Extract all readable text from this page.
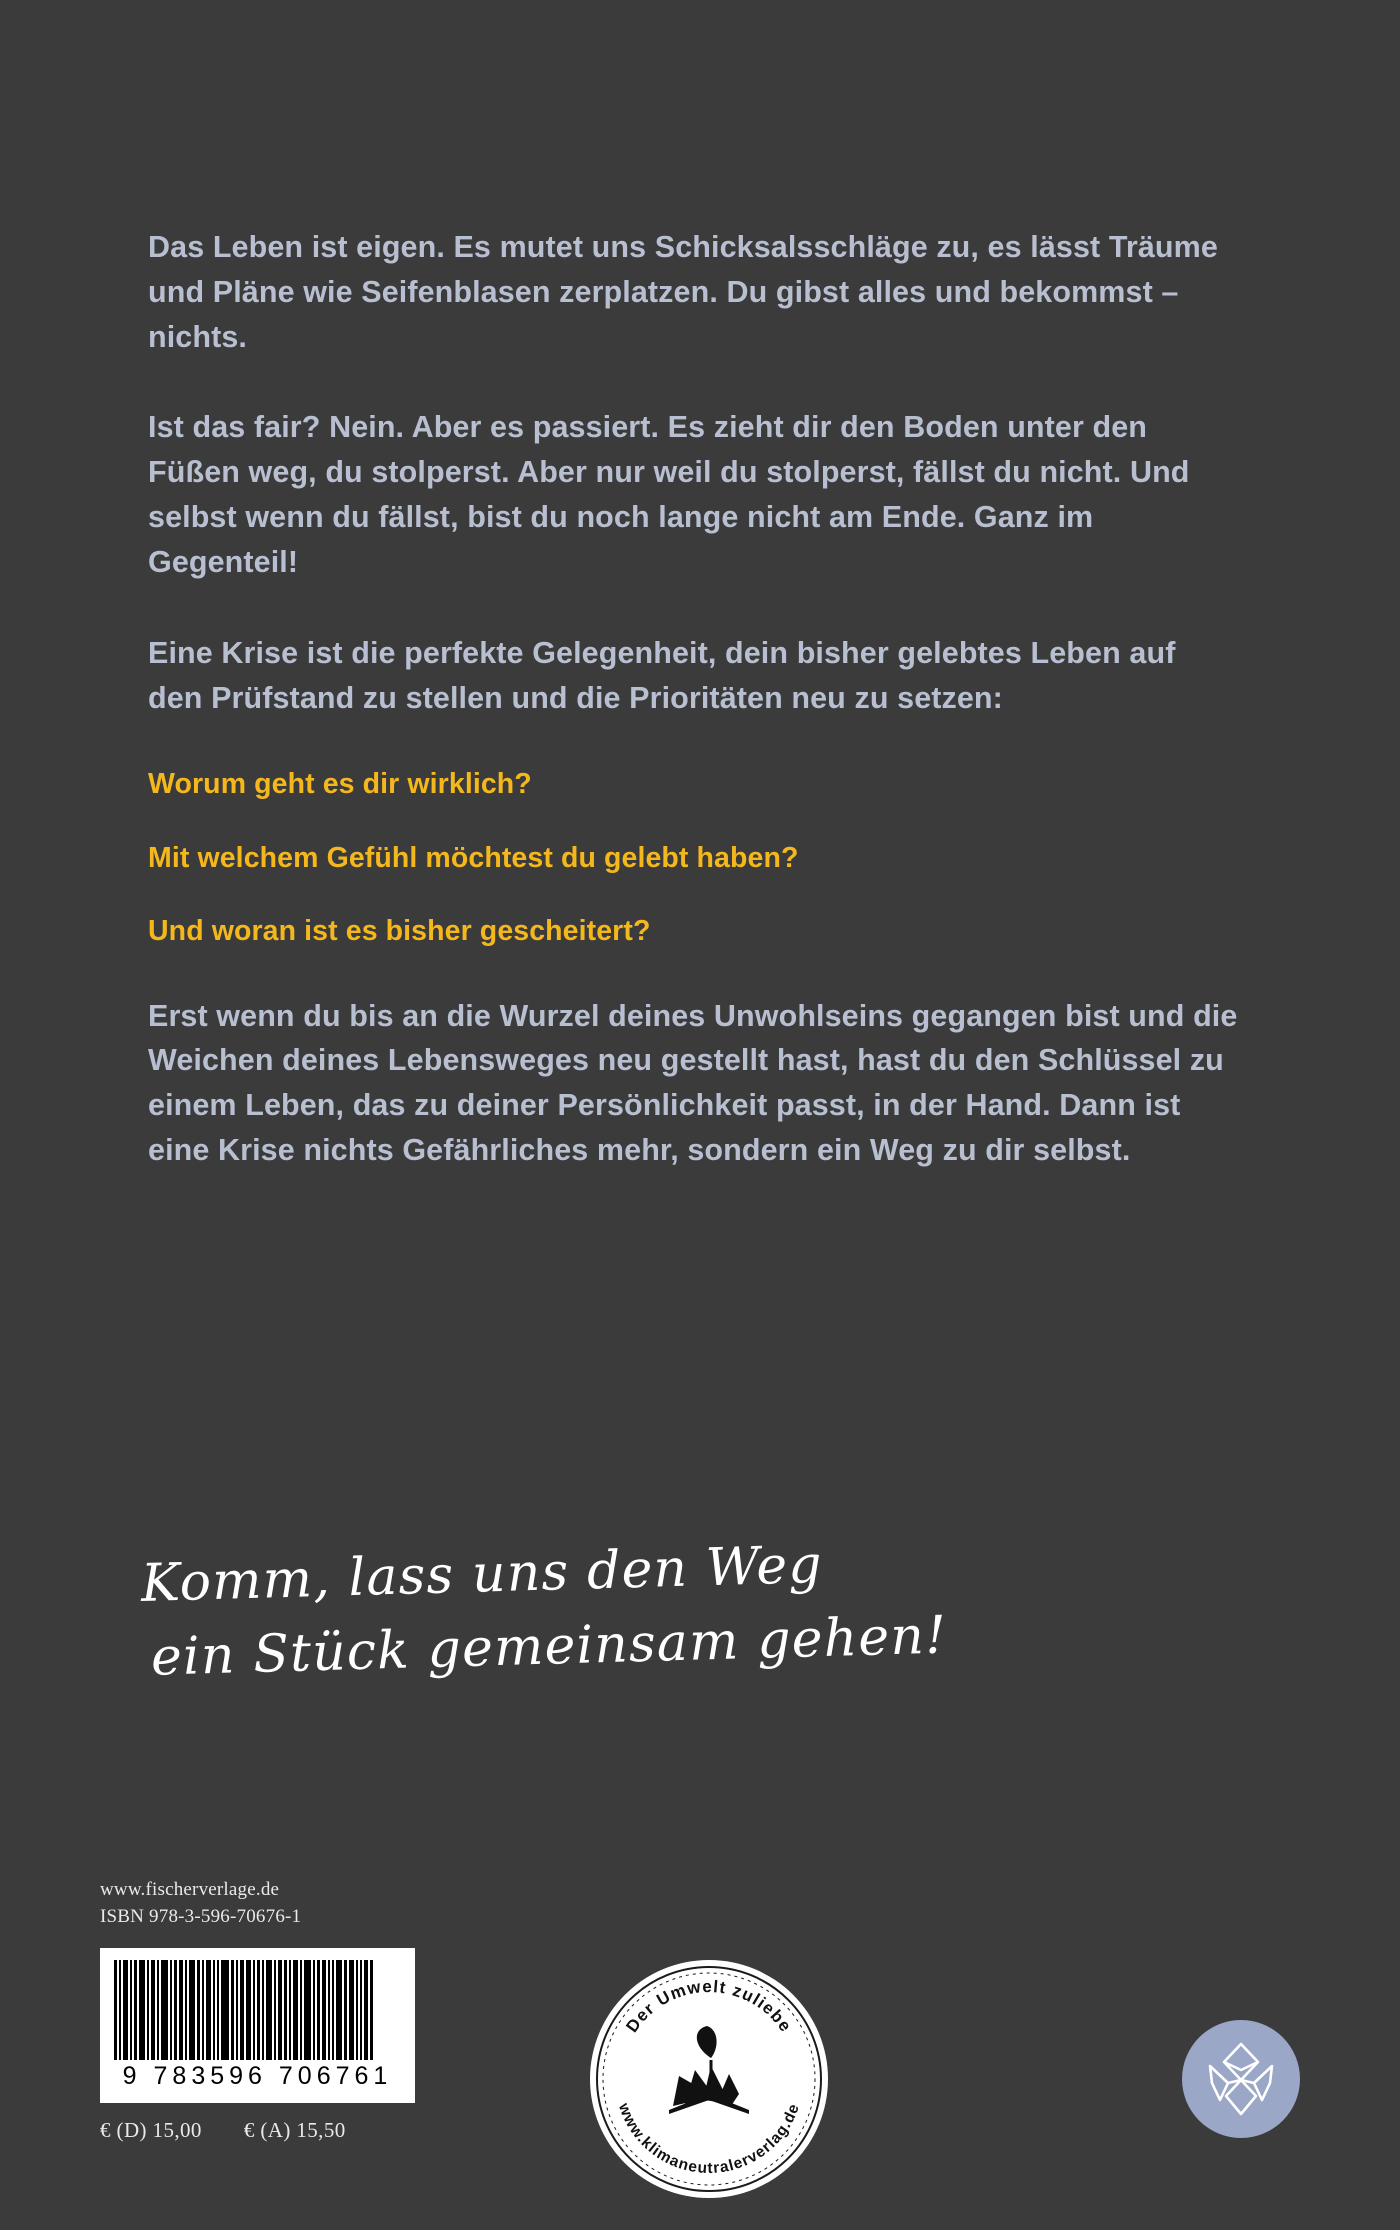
Das Leben ist eigen. Es mutet uns Schicksalsschläge zu, es lässt Träume und Pläne wie Seifenblasen zerplatzen. Du gibst alles und bekommst – nichts.

Ist das fair? Nein. Aber es passiert. Es zieht dir den Boden unter den Füßen weg, du stolperst. Aber nur weil du stolperst, fällst du nicht. Und selbst wenn du fällst, bist du noch lange nicht am Ende. Ganz im Gegenteil!

Eine Krise ist die perfekte Gelegenheit, dein bisher gelebtes Leben auf den Prüfstand zu stellen und die Prioritäten neu zu setzen:

Worum geht es dir wirklich?

Mit welchem Gefühl möchtest du gelebt haben?

Und woran ist es bisher gescheitert?

Erst wenn du bis an die Wurzel deines Unwohlseins gegangen bist und die Weichen deines Lebensweges neu gestellt hast, hast du den Schlüssel zu einem Leben, das zu deiner Persönlichkeit passt, in der Hand. Dann ist eine Krise nichts Gefährliches mehr, sondern ein Weg zu dir selbst.

Komm, lass uns den Weg
ein Stück gemeinsam gehen!
www.fischerverlage.de
ISBN 978-3-596-70676-1
9 783596 706761
€ (D) 15,00 € (A) 15,50
Der Umwelt zuliebe
www.klimaneutralerverlag.de
